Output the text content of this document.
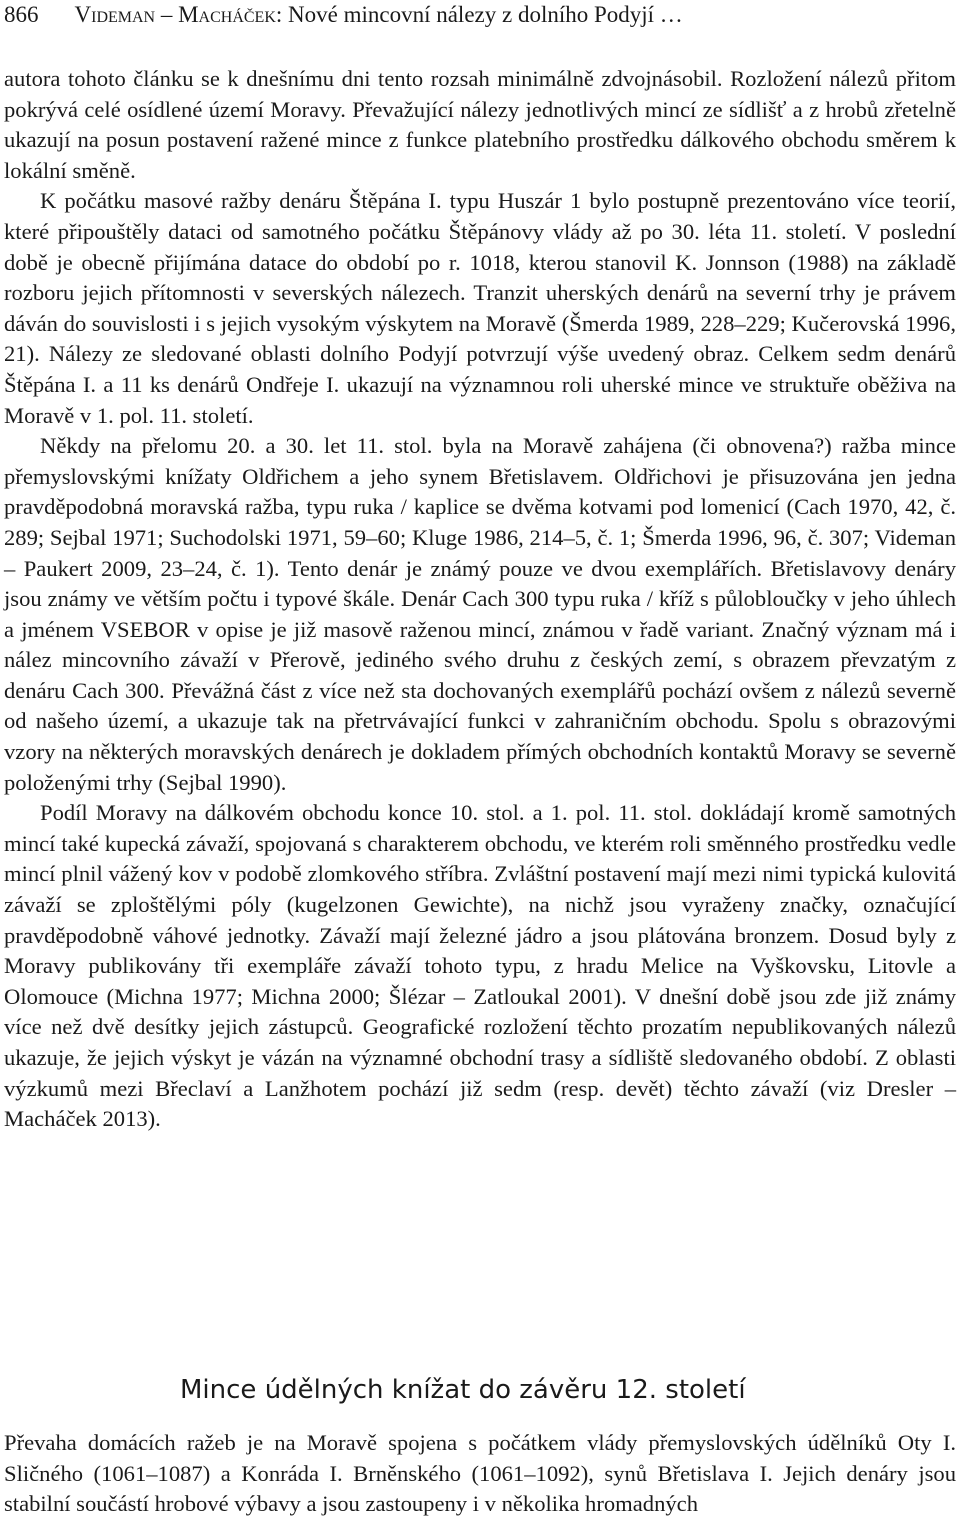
866 Videman – Macháček: Nové mincovní nálezy z dolního Podyjí …

autora tohoto článku se k dnešnímu dni tento rozsah minimálně zdvojnásobil. Rozložení nálezů přitom pokrývá celé osídlené území Moravy. Převažující nálezy jednotlivých mincí ze sídlišť a z hrobů zřetelně ukazují na posun postavení ražené mince z funkce platebního prostředku dálkového obchodu směrem k lokální směně.

K počátku masové ražby denáru Štěpána I. typu Huszár 1 bylo postupně prezentováno více teorií, které připouštěly dataci od samotného počátku Štěpánovy vlády až po 30. léta 11. století. V poslední době je obecně přijímána datace do období po r. 1018, kterou stanovil K. Jonnson (1988) na základě rozboru jejich přítomnosti v severských nálezech. Tranzit uherských denárů na severní trhy je právem dáván do souvislosti i s jejich vysokým výskytem na Moravě (Šmerda 1989, 228–229; Kučerovská 1996, 21). Nálezy ze sledované oblasti dolního Podyjí potvrzují výše uvedený obraz. Celkem sedm denárů Štěpána I. a 11 ks denárů Ondřeje I. ukazují na významnou roli uherské mince ve struktuře oběživa na Moravě v 1. pol. 11. století.

Někdy na přelomu 20. a 30. let 11. stol. byla na Moravě zahájena (či obnovena?) ražba mince přemyslovskými knížaty Oldřichem a jeho synem Břetislavem. Oldřichovi je přisuzována jen jedna pravděpodobná moravská ražba, typu ruka / kaplice se dvěma kotvami pod lomenicí (Cach 1970, 42, č. 289; Sejbal 1971; Suchodolski 1971, 59–60; Kluge 1986, 214–5, č. 1; Šmerda 1996, 96, č. 307; Videman – Paukert 2009, 23–24, č. 1). Tento denár je známý pouze ve dvou exemplářích. Břetislavovy denáry jsou známy ve větším počtu i typové škále. Denár Cach 300 typu ruka / kříž s půlobloučky v jeho úhlech a jménem VSEBOR v opise je již masově raženou mincí, známou v řadě variant. Značný význam má i nález mincovního závaží v Přerově, jediného svého druhu z českých zemí, s obrazem převzatým z denáru Cach 300. Převážná část z více než sta dochovaných exemplářů pochází ovšem z nálezů severně od našeho území, a ukazuje tak na přetrvávající funkci v zahraničním obchodu. Spolu s obrazovými vzory na některých moravských denárech je dokladem přímých obchodních kontaktů Moravy se severně položenými trhy (Sejbal 1990).

Podíl Moravy na dálkovém obchodu konce 10. stol. a 1. pol. 11. stol. dokládají kromě samotných mincí také kupecká závaží, spojovaná s charakterem obchodu, ve kterém roli směnného prostředku vedle mincí plnil vážený kov v podobě zlomkového stříbra. Zvláštní postavení mají mezi nimi typická kulovitá závaží se zploštělými póly (kugelzonen Gewichte), na nichž jsou vyraženy značky, označující pravděpodobně váhové jednotky. Závaží mají železné jádro a jsou plátována bronzem. Dosud byly z Moravy publikovány tři exempláře závaží tohoto typu, z hradu Melice na Vyškovsku, Litovle a Olomouce (Michna 1977; Michna 2000; Šlézar – Zatloukal 2001). V dnešní době jsou zde již známy více než dvě desítky jejich zástupců. Geografické rozložení těchto prozatím nepublikovaných nálezů ukazuje, že jejich výskyt je vázán na významné obchodní trasy a sídliště sledovaného období. Z oblasti výzkumů mezi Břeclaví a Lanžhotem pochází již sedm (resp. devět) těchto závaží (viz Dresler – Macháček 2013).

Mince údělných knížat do závěru 12. století

Převaha domácích ražeb je na Moravě spojena s počátkem vlády přemyslovských údělníků Oty I. Sličného (1061–1087) a Konráda I. Brněnského (1061–1092), synů Břetislava I. Jejich denáry jsou stabilní součástí hrobové výbavy a jsou zastoupeny i v několika hromadných
